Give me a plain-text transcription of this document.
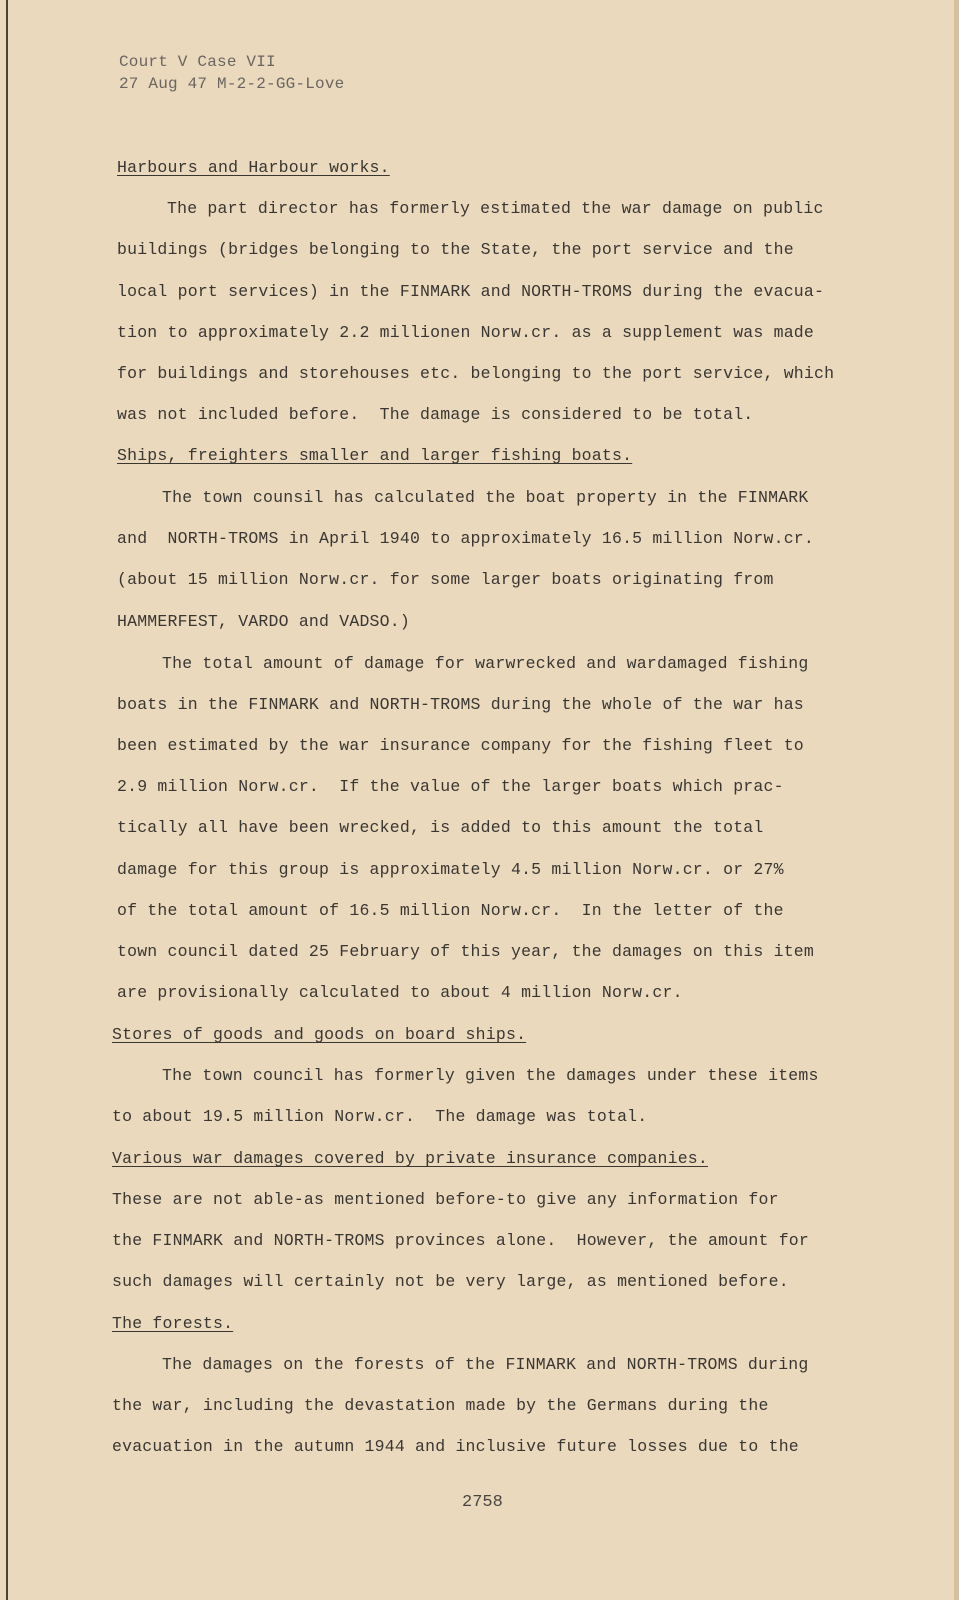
Court V Case VII
27 Aug 47 M-2-2-GG-Love
Harbours and Harbour works.
The part director has formerly estimated the war damage on public
buildings (bridges belonging to the State, the port service and the
local port services) in the FINMARK and NORTH-TROMS during the evacua-
tion to approximately 2.2 millionen Norw.cr. as a supplement was made
for buildings and storehouses etc. belonging to the port service, which
was not included before.  The damage is considered to be total.
Ships, freighters smaller and larger fishing boats.
The town counsil has calculated the boat property in the FINMARK
and  NORTH-TROMS in April 1940 to approximately 16.5 million Norw.cr.
(about 15 million Norw.cr. for some larger boats originating from
HAMMERFEST, VARDO and VADSO.)
The total amount of damage for warwrecked and wardamaged fishing
boats in the FINMARK and NORTH-TROMS during the whole of the war has
been estimated by the war insurance company for the fishing fleet to
2.9 million Norw.cr.  If the value of the larger boats which prac-
tically all have been wrecked, is added to this amount the total
damage for this group is approximately 4.5 million Norw.cr. or 27%
of the total amount of 16.5 million Norw.cr.  In the letter of the
town council dated 25 February of this year, the damages on this item
are provisionally calculated to about 4 million Norw.cr.
Stores of goods and goods on board ships.
The town council has formerly given the damages under these items
to about 19.5 million Norw.cr.  The damage was total.
Various war damages covered by private insurance companies.
These are not able-as mentioned before-to give any information for
the FINMARK and NORTH-TROMS provinces alone.  However, the amount for
such damages will certainly not be very large, as mentioned before.
The forests.
The damages on the forests of the FINMARK and NORTH-TROMS during
the war, including the devastation made by the Germans during the
evacuation in the autumn 1944 and inclusive future losses due to the
2758
